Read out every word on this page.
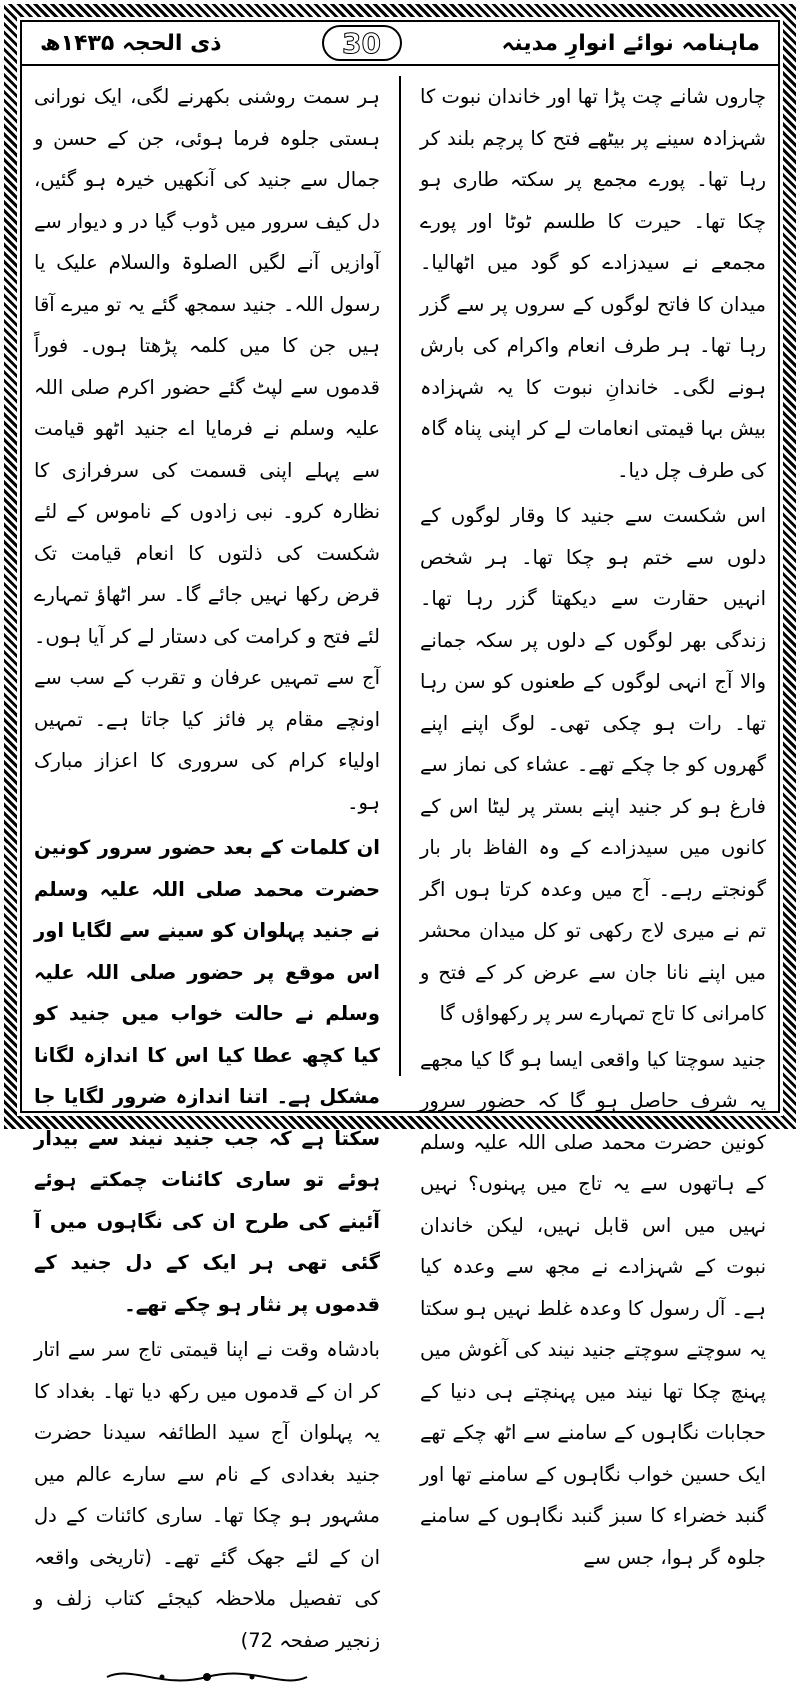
ماہنامہ نوائے انوارِ مدینہ
30
ذی الحجہ ۱۴۳۵ھ

چاروں شانے چت پڑا تھا اور خاندان نبوت کا شہزادہ سینے پر بیٹھے فتح کا پرچم بلند کر رہا تھا۔ پورے مجمع پر سکتہ طاری ہو چکا تھا۔ حیرت کا طلسم ٹوٹا اور پورے مجمعے نے سیدزادے کو گود میں اٹھالیا۔ میدان کا فاتح لوگوں کے سروں پر سے گزر رہا تھا۔ ہر طرف انعام واکرام کی بارش ہونے لگی۔ خاندانِ نبوت کا یہ شہزادہ بیش بہا قیمتی انعامات لے کر اپنی پناہ گاہ کی طرف چل دیا۔

اس شکست سے جنید کا وقار لوگوں کے دلوں سے ختم ہو چکا تھا۔ ہر شخص انہیں حقارت سے دیکھتا گزر رہا تھا۔ زندگی بھر لوگوں کے دلوں پر سکہ جمانے والا آج انہی لوگوں کے طعنوں کو سن رہا تھا۔ رات ہو چکی تھی۔ لوگ اپنے اپنے گھروں کو جا چکے تھے۔ عشاء کی نماز سے فارغ ہو کر جنید اپنے بستر پر لیٹا اس کے کانوں میں سیدزادے کے وہ الفاظ بار بار گونجتے رہے۔ آج میں وعدہ کرتا ہوں اگر تم نے میری لاج رکھی تو کل میدان محشر میں اپنے نانا جان سے عرض کر کے فتح و کامرانی کا تاج تمہارے سر پر رکھواؤں گا

جنید سوچتا کیا واقعی ایسا ہو گا کیا مجھے یہ شرف حاصل ہو گا کہ حضور سرور کونین حضرت محمد صلی اللہ علیہ وسلم کے ہاتھوں سے یہ تاج میں پہنوں؟ نہیں نہیں میں اس قابل نہیں، لیکن خاندان نبوت کے شہزادے نے مجھ سے وعدہ کیا ہے۔ آل رسول کا وعدہ غلط نہیں ہو سکتا یہ سوچتے سوچتے جنید نیند کی آغوش میں پہنچ چکا تھا نیند میں پہنچتے ہی دنیا کے حجابات نگاہوں کے سامنے سے اٹھ چکے تھے ایک حسین خواب نگاہوں کے سامنے تھا اور گنبد خضراء کا سبز گنبد نگاہوں کے سامنے جلوہ گر ہوا، جس سے

ہر سمت روشنی بکھرنے لگی، ایک نورانی ہستی جلوہ فرما ہوئی، جن کے حسن و جمال سے جنید کی آنکھیں خیرہ ہو گئیں، دل کیف سرور میں ڈوب گیا در و دیوار سے آوازیں آنے لگیں الصلوۃ والسلام علیک یا رسول اللہ۔ جنید سمجھ گئے یہ تو میرے آقا ہیں جن کا میں کلمہ پڑھتا ہوں۔ فوراً قدموں سے لپٹ گئے حضور اکرم صلی اللہ علیہ وسلم نے فرمایا اے جنید اٹھو قیامت سے پہلے اپنی قسمت کی سرفرازی کا نظارہ کرو۔ نبی زادوں کے ناموس کے لئے شکست کی ذلتوں کا انعام قیامت تک قرض رکھا نہیں جائے گا۔ سر اٹھاؤ تمہارے لئے فتح و کرامت کی دستار لے کر آیا ہوں۔ آج سے تمہیں عرفان و تقرب کے سب سے اونچے مقام پر فائز کیا جاتا ہے۔ تمہیں اولیاء کرام کی سروری کا اعزاز مبارک ہو۔

ان کلمات کے بعد حضور سرور کونین حضرت محمد صلی اللہ علیہ وسلم نے جنید پہلوان کو سینے سے لگایا اور اس موقع پر حضور صلی اللہ علیہ وسلم نے حالت خواب میں جنید کو کیا کچھ عطا کیا اس کا اندازہ لگانا مشکل ہے۔ اتنا اندازہ ضرور لگایا جا سکتا ہے کہ جب جنید نیند سے بیدار ہوئے تو ساری کائنات چمکتے ہوئے آئینے کی طرح ان کی نگاہوں میں آ گئی تھی ہر ایک کے دل جنید کے قدموں پر نثار ہو چکے تھے۔

بادشاہ وقت نے اپنا قیمتی تاج سر سے اتار کر ان کے قدموں میں رکھ دیا تھا۔ بغداد کا یہ پہلوان آج سید الطائفہ سیدنا حضرت جنید بغدادی کے نام سے سارے عالم میں مشہور ہو چکا تھا۔ ساری کائنات کے دل ان کے لئے جھک گئے تھے۔ (تاریخی واقعہ کی تفصیل ملاحظہ کیجئے کتاب زلف و زنجیر صفحہ 72)
